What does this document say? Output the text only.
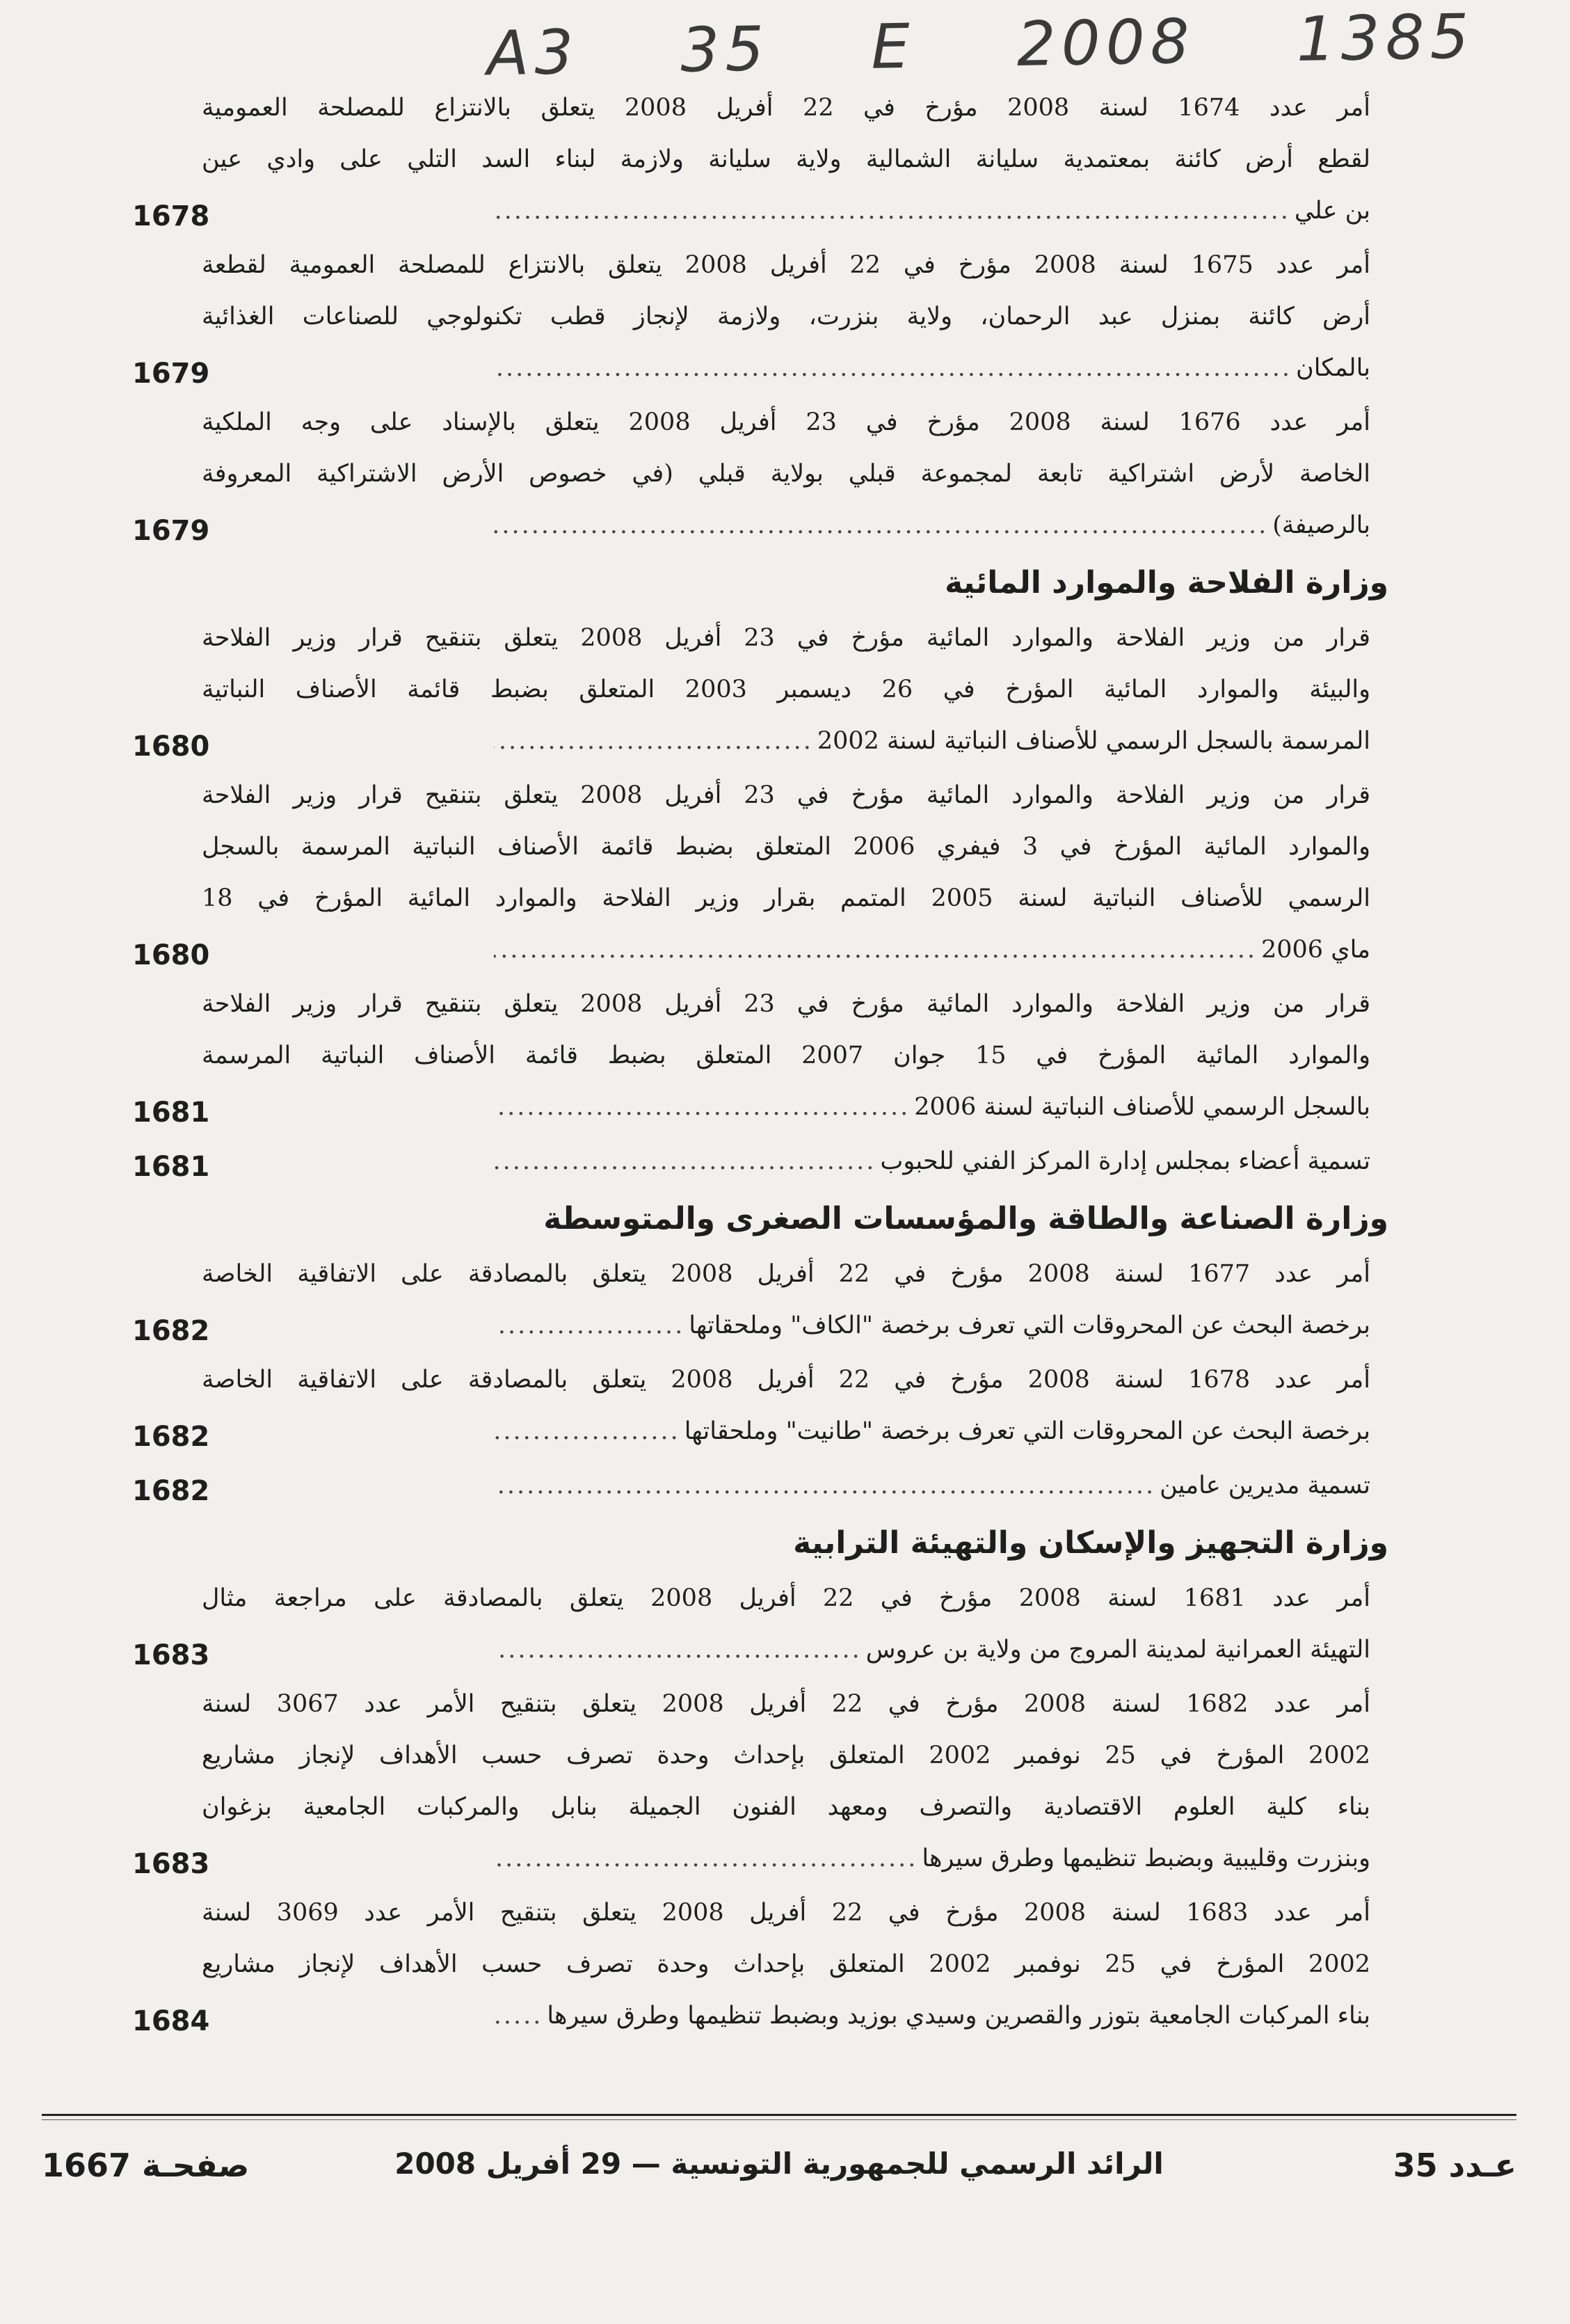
A3 35 E 2008 1385
أمر عدد 1674 لسنة 2008 مؤرخ في 22 أفريل 2008 يتعلق بالانتزاع للمصلحة العمومية
لقطع أرض كائنة بمعتمدية سليانة الشمالية ولاية سليانة ولازمة لبناء السد التلي على وادي عين
بن علي
.....
1678
أمر عدد 1675 لسنة 2008 مؤرخ في 22 أفريل 2008 يتعلق بالانتزاع للمصلحة العمومية لقطعة
أرض كائنة بمنزل عبد الرحمان، ولاية بنزرت، ولازمة لإنجاز قطب تكنولوجي للصناعات الغذائية
بالمكان
.....
1679
أمر عدد 1676 لسنة 2008 مؤرخ في 23 أفريل 2008 يتعلق بالإسناد على وجه الملكية
الخاصة لأرض اشتراكية تابعة لمجموعة قبلي بولاية قبلي (في خصوص الأرض الاشتراكية المعروفة
بالرصيفة)
.....
1679
وزارة الفلاحة والموارد المائية
قرار من وزير الفلاحة والموارد المائية مؤرخ في 23 أفريل 2008 يتعلق بتنقيح قرار وزير الفلاحة
والبيئة والموارد المائية المؤرخ في 26 ديسمبر 2003 المتعلق بضبط قائمة الأصناف النباتية
المرسمة بالسجل الرسمي للأصناف النباتية لسنة 2002
.....
1680
قرار من وزير الفلاحة والموارد المائية مؤرخ في 23 أفريل 2008 يتعلق بتنقيح قرار وزير الفلاحة
والموارد المائية المؤرخ في 3 فيفري 2006 المتعلق بضبط قائمة الأصناف النباتية المرسمة بالسجل
الرسمي للأصناف النباتية لسنة 2005 المتمم بقرار وزير الفلاحة والموارد المائية المؤرخ في 18
ماي 2006
.....
1680
قرار من وزير الفلاحة والموارد المائية مؤرخ في 23 أفريل 2008 يتعلق بتنقيح قرار وزير الفلاحة
والموارد المائية المؤرخ في 15 جوان 2007 المتعلق بضبط قائمة الأصناف النباتية المرسمة
بالسجل الرسمي للأصناف النباتية لسنة 2006
.....
1681
تسمية أعضاء بمجلس إدارة المركز الفني للحبوب
.....
1681
وزارة الصناعة والطاقة والمؤسسات الصغرى والمتوسطة
أمر عدد 1677 لسنة 2008 مؤرخ في 22 أفريل 2008 يتعلق بالمصادقة على الاتفاقية الخاصة
برخصة البحث عن المحروقات التي تعرف برخصة "الكاف" وملحقاتها
.....
1682
أمر عدد 1678 لسنة 2008 مؤرخ في 22 أفريل 2008 يتعلق بالمصادقة على الاتفاقية الخاصة
برخصة البحث عن المحروقات التي تعرف برخصة "طانيت" وملحقاتها
.....
1682
تسمية مديرين عامين
.....
1682
وزارة التجهيز والإسكان والتهيئة الترابية
أمر عدد 1681 لسنة 2008 مؤرخ في 22 أفريل 2008 يتعلق بالمصادقة على مراجعة مثال
التهيئة العمرانية لمدينة المروج من ولاية بن عروس
.....
1683
أمر عدد 1682 لسنة 2008 مؤرخ في 22 أفريل 2008 يتعلق بتنقيح الأمر عدد 3067 لسنة
2002 المؤرخ في 25 نوفمبر 2002 المتعلق بإحداث وحدة تصرف حسب الأهداف لإنجاز مشاريع
بناء كلية العلوم الاقتصادية والتصرف ومعهد الفنون الجميلة بنابل والمركبات الجامعية بزغوان
وبنزرت وقليبية وبضبط تنظيمها وطرق سيرها
.....
1683
أمر عدد 1683 لسنة 2008 مؤرخ في 22 أفريل 2008 يتعلق بتنقيح الأمر عدد 3069 لسنة
2002 المؤرخ في 25 نوفمبر 2002 المتعلق بإحداث وحدة تصرف حسب الأهداف لإنجاز مشاريع
بناء المركبات الجامعية بتوزر والقصرين وسيدي بوزيد وبضبط تنظيمها وطرق سيرها
.....
1684
عـدد 35
الرائد الرسمي للجمهورية التونسية — 29 أفريل 2008
صفحـة 1667
